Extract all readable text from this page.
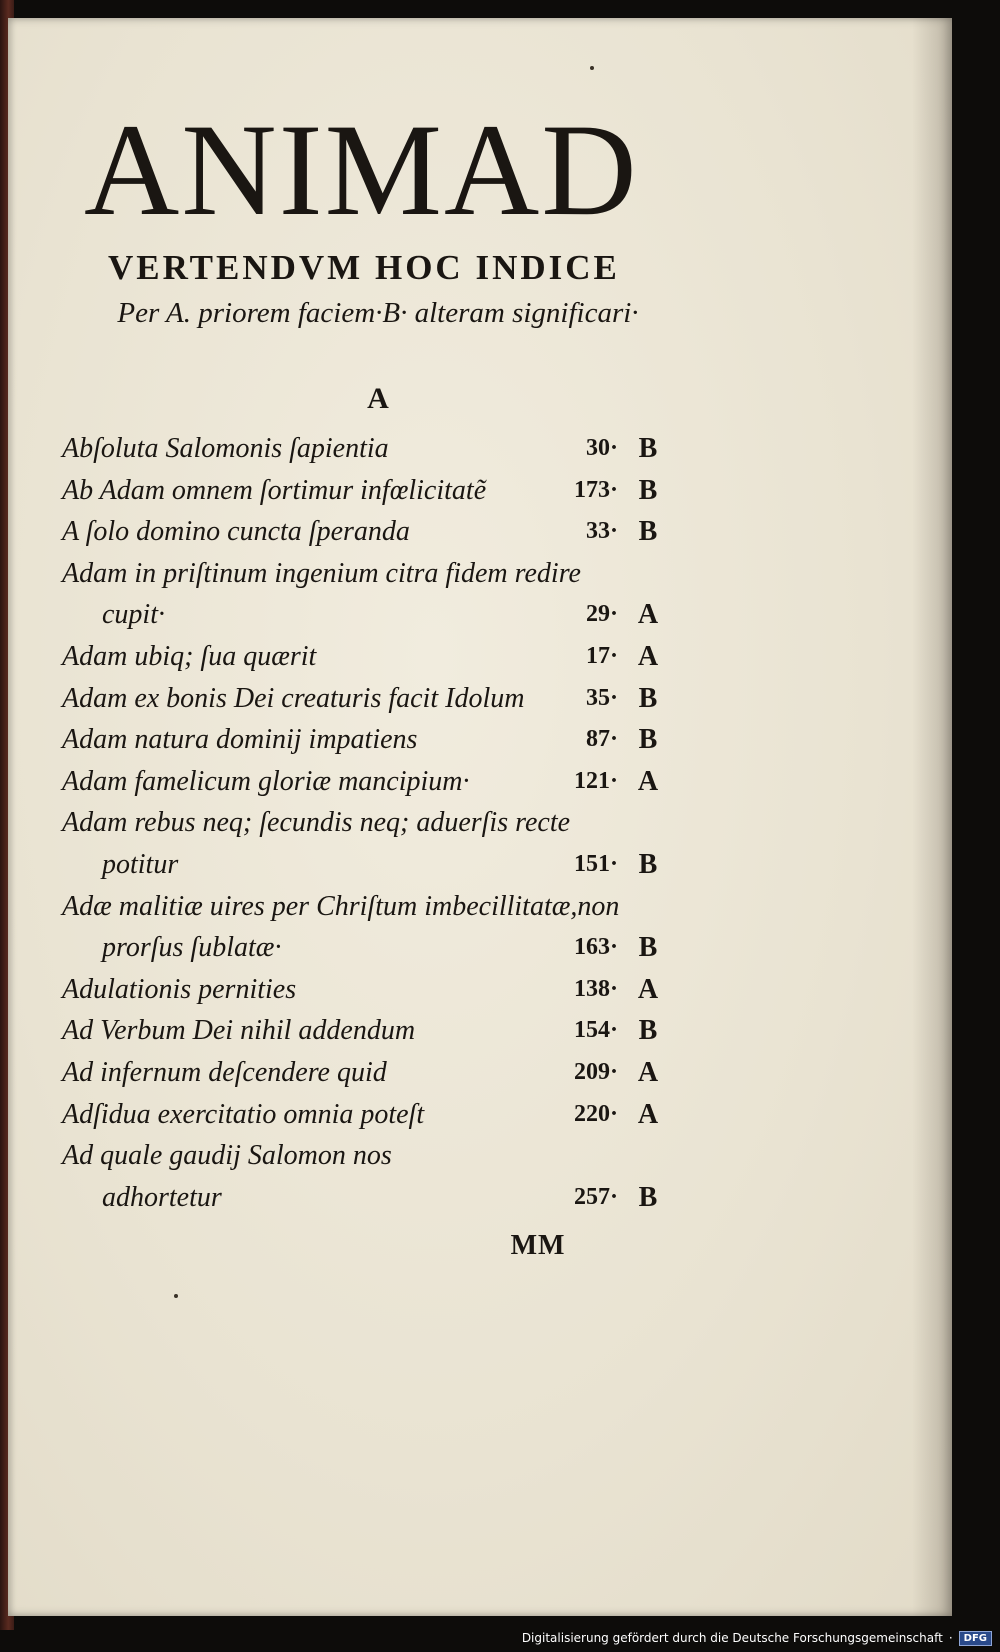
ANIMAD
VERTENDVM HOC INDICE

Per A. priorem faciem·B· alteram significari·

A
Abſoluta Salomonis ſapientia	30· B
Ab Adam omnem ſortimur infœlicitatẽ	173· B
A ſolo domino cuncta ſperanda	33· B
Adam in priſtinum ingenium citra fidem redire
cupit·	29· A
Adam ubiq; ſua quærit	17· A
Adam ex bonis Dei creaturis facit Idolum	35· B
Adam natura dominij impatiens	87· B
Adam famelicum gloriæ mancipium·	121· A
Adam rebus neq; ſecundis neq; aduerſis recte
potitur	151· B
Adæ malitiæ uires per Chriſtum imbecillitatæ,non
prorſus ſublatæ·	163· B
Adulationis pernities	138· A
Ad Verbum Dei nihil addendum	154· B
Ad infernum deſcendere quid	209· A
Adſidua exercitatio omnia poteſt	220· A
Ad quale gaudij Salomon nos
adhortetur	257· B
MM
Digitalisierung gefördert durch die Deutsche Forschungsgemeinschaft ·	DFG
